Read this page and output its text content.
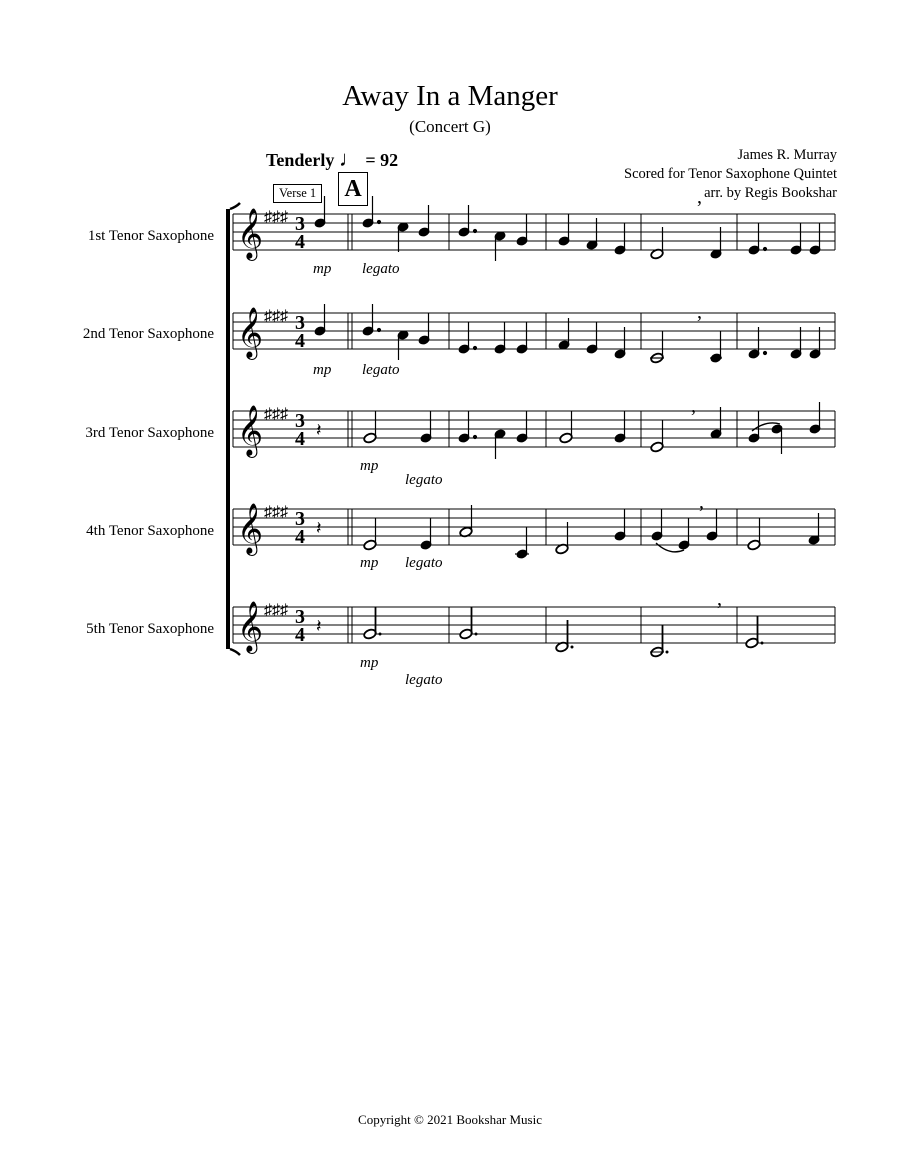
Away In a Manger
(Concert G)
Tenderly ♩ = 92	James R. Murray
Scored for Tenor Saxophone Quintet
arr. by Regis Bookshar
Verse 1 A
1st Tenor Saxophone
2nd Tenor Saxophone
3rd Tenor Saxophone
4th Tenor Saxophone
5th Tenor Saxophone
𝄞 ♯♯♯ 3
4
,
mp legato
𝄞 ♯♯♯ 3
4
,
mp legato
𝄞 ♯♯♯ 3
4 𝄽
,
mp
legato
𝄞 ♯♯♯ 3
4 𝄽
,
mp legato
𝄞 ♯♯♯ 3
4 𝄽
,
mp
legato
Copyright © 2021 Bookshar Music
